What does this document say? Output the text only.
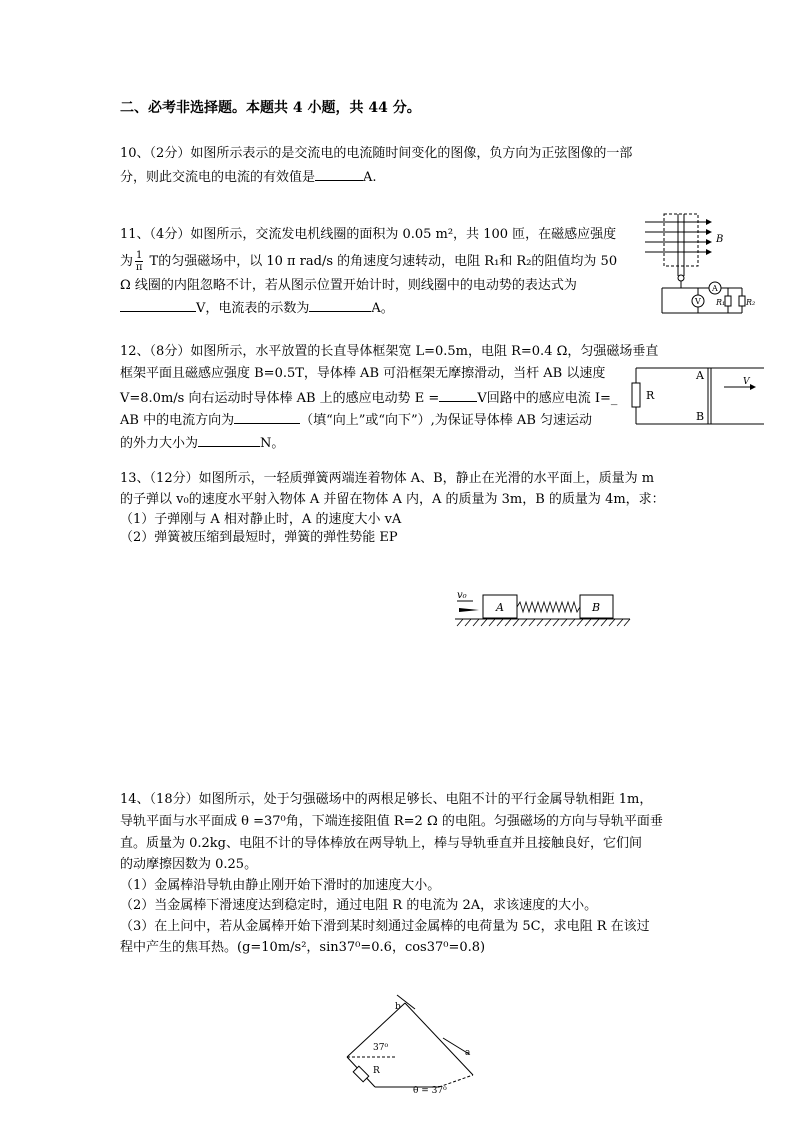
二、必考非选择题。本题共 4 小题，共 44 分。
10、（2分）如图所示表示的是交流电的电流随时间变化的图像，负方向为正弦图像的一部
分，则此交流电的电流的有效值是	A.
11、（4分）如图所示，交流发电机线圈的面积为 0.05 m²，共 100 匝，在磁感应强度
为 $\frac{1}{\pi}$ T的匀强磁场中，以 10 π rad/s 的角速度匀速转动，电阻 R₁和 R₂的阻值均为 50
Ω 线圈的内阻忽略不计，若从图示位置开始计时，则线圈中的电动势的表达式为
V，电流表的示数为	A。
B
A
V R₁	R₂
12、（8分）如图所示，水平放置的长直导体框架宽 L=0.5m，电阻 R=0.4 Ω，匀强磁场垂直
框架平面且磁感应强度 B=0.5T，导体棒 AB 可沿框架无摩擦滑动，当杆 AB 以速度
V=8.0m/s 向右运动时导体棒 AB 上的感应电动势 E =	V回路中的感应电流 I=_
AB 中的电流方向为	（填“向上”或“向下”）,为保证导体棒 AB 匀速运动
的外力大小为	N。
R
A
B
V
13、（12分）如图所示，一轻质弹簧两端连着物体 A、B，静止在光滑的水平面上，质量为 m
的子弹以 v₀的速度水平射入物体 A 并留在物体 A 内，A 的质量为 3m，B 的质量为 4m，求：
（1）子弹刚与 A 相对静止时，A 的速度大小 vA
（2）弹簧被压缩到最短时，弹簧的弹性势能 EP
v₀
A	B
14、（18分）如图所示，处于匀强磁场中的两根足够长、电阻不计的平行金属导轨相距 1m，
导轨平面与水平面成 θ =37⁰角，下端连接阻值 R=2 Ω 的电阻。匀强磁场的方向与导轨平面垂
直。质量为 0.2kg、电阻不计的导体棒放在两导轨上，棒与导轨垂直并且接触良好，它们间
的动摩擦因数为 0.25。
（1）金属棒沿导轨由静止刚开始下滑时的加速度大小。
（2）当金属棒下滑速度达到稳定时，通过电阻 R 的电流为 2A，求该速度的大小。
（3）在上问中，若从金属棒开始下滑到某时刻通过金属棒的电荷量为 5C，求电阻 R 在该过
程中产生的焦耳热。(g=10m/s²，sin37⁰=0.6，cos37⁰=0.8)
b
a
37⁰
R
θ = 37⁰
